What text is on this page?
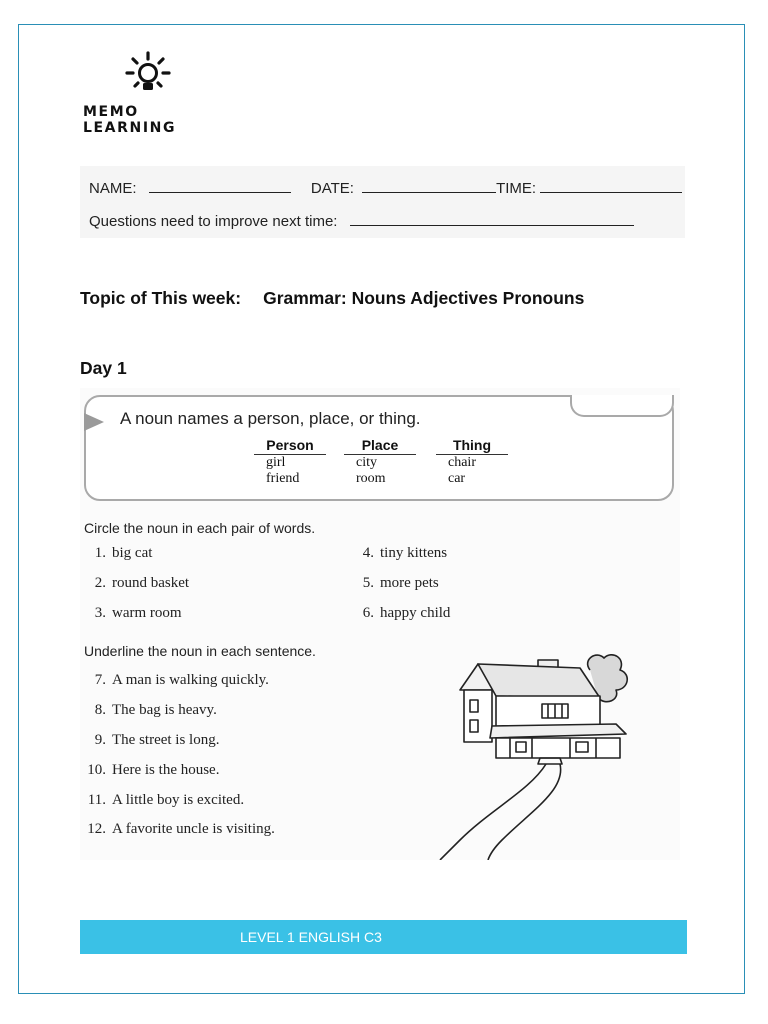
MEMO LEARNING
NAME:	DATE:	TIME:
Questions need to improve next time:
Topic of This week: Grammar: Nouns Adjectives Pronouns
Day 1
A noun names a person, place, or thing.
Person
girl
friend
Place
city
room
Thing
chair
car
Circle the noun in each pair of words.
1. big cat
2. round basket
3. warm room
4. tiny kittens
5. more pets
6. happy child
Underline the noun in each sentence.
7. A man is walking quickly.
8. The bag is heavy.
9. The street is long.
10. Here is the house.
11. A little boy is excited.
12. A favorite uncle is visiting.
LEVEL 1 ENGLISH C3
